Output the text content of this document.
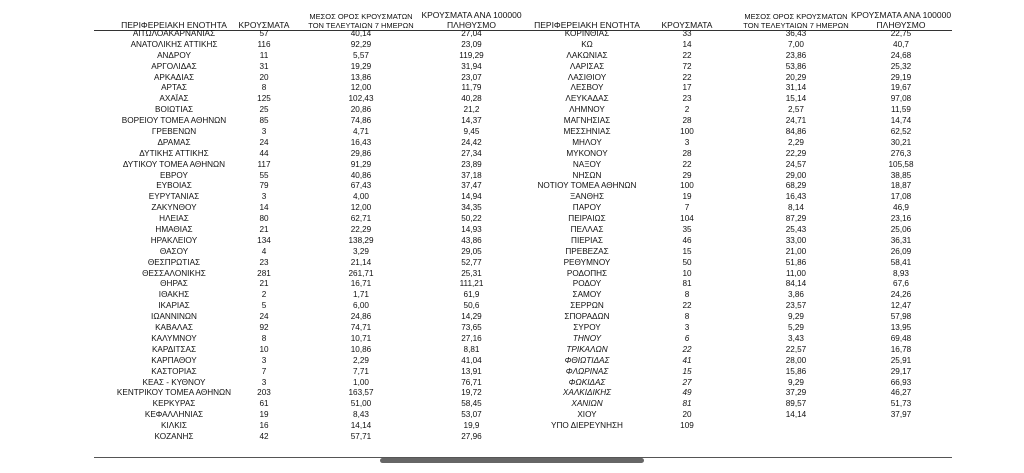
ΠΕΡΙΦΕΡΕΙΑΚΗ ΕΝΟΤΗΤΑ	ΚΡΟΥΣΜΑΤΑ
ΜΕΣΟΣ ΟΡΟΣ ΚΡΟΥΣΜΑΤΩΝ ΤΟΝ ΤΕΛΕΥΤΑΙΩΝ 7 ΗΜΕΡΩΝ
ΚΡΟΥΣΜΑΤΑ ΑΝΑ 100000 ΠΛΗΘΥΣΜΟ
ΑΙΤΩΛΟΑΚΑΡΝΑΝΙΑΣ	57	40,14	27,04
ΑΝΑΤΟΛΙΚΗΣ ΑΤΤΙΚΗΣ	116	92,29	23,09
ΑΝΔΡΟΥ	11	5,57	119,29
ΑΡΓΟΛΙΔΑΣ	31	19,29	31,94
ΑΡΚΑΔΙΑΣ	20	13,86	23,07
ΑΡΤΑΣ	8	12,00	11,79
ΑΧΑΪΑΣ	125	102,43	40,28
ΒΟΙΩΤΙΑΣ	25	20,86	21,2
ΒΟΡΕΙΟΥ ΤΟΜΕΑ ΑΘΗΝΩΝ	85	74,86	14,37
ΓΡΕΒΕΝΩΝ	3	4,71	9,45
ΔΡΑΜΑΣ	24	16,43	24,42
ΔΥΤΙΚΗΣ ΑΤΤΙΚΗΣ	44	29,86	27,34
ΔΥΤΙΚΟΥ ΤΟΜΕΑ ΑΘΗΝΩΝ	117	91,29	23,89
ΕΒΡΟΥ	55	40,86	37,18
ΕΥΒΟΙΑΣ	79	67,43	37,47
ΕΥΡΥΤΑΝΙΑΣ	3	4,00	14,94
ΖΑΚΥΝΘΟΥ	14	12,00	34,35
ΗΛΕΙΑΣ	80	62,71	50,22
ΗΜΑΘΙΑΣ	21	22,29	14,93
ΗΡΑΚΛΕΙΟΥ	134	138,29	43,86
ΘΑΣΟΥ	4	3,29	29,05
ΘΕΣΠΡΩΤΙΑΣ	23	21,14	52,77
ΘΕΣΣΑΛΟΝΙΚΗΣ	281	261,71	25,31
ΘΗΡΑΣ	21	16,71	111,21
ΙΘΑΚΗΣ	2	1,71	61,9
ΙΚΑΡΙΑΣ	5	6,00	50,6
ΙΩΑΝΝΙΝΩΝ	24	24,86	14,29
ΚΑΒΑΛΑΣ	92	74,71	73,65
ΚΑΛΥΜΝΟΥ	8	10,71	27,16
ΚΑΡΔΙΤΣΑΣ	10	10,86	8,81
ΚΑΡΠΑΘΟΥ	3	2,29	41,04
ΚΑΣΤΟΡΙΑΣ	7	7,71	13,91
ΚΕΑΣ - ΚΥΘΝΟΥ	3	1,00	76,71
ΚΕΝΤΡΙΚΟΥ ΤΟΜΕΑ ΑΘΗΝΩΝ	203	163,57	19,72
ΚΕΡΚΥΡΑΣ	61	51,00	58,45
ΚΕΦΑΛΛΗΝΙΑΣ	19	8,43	53,07
ΚΙΛΚΙΣ	16	14,14	19,9
ΚΟΖΑΝΗΣ	42	57,71	27,96
ΠΕΡΙΦΕΡΕΙΑΚΗ ΕΝΟΤΗΤΑ	ΚΡΟΥΣΜΑΤΑ
ΜΕΣΟΣ ΟΡΟΣ ΚΡΟΥΣΜΑΤΩΝ ΤΟΝ ΤΕΛΕΥΤΑΙΩΝ 7 ΗΜΕΡΩΝ
ΚΡΟΥΣΜΑΤΑ ΑΝΑ 100000 ΠΛΗΘΥΣΜΟ
ΚΟΡΙΝΘΙΑΣ	33	36,43	22,75
ΚΩ	14	7,00	40,7
ΛΑΚΩΝΙΑΣ	22	23,86	24,68
ΛΑΡΙΣΑΣ	72	53,86	25,32
ΛΑΣΙΘΙΟΥ	22	20,29	29,19
ΛΕΣΒΟΥ	17	31,14	19,67
ΛΕΥΚΑΔΑΣ	23	15,14	97,08
ΛΗΜΝΟΥ	2	2,57	11,59
ΜΑΓΝΗΣΙΑΣ	28	24,71	14,74
ΜΕΣΣΗΝΙΑΣ	100	84,86	62,52
ΜΗΛΟΥ	3	2,29	30,21
ΜΥΚΟΝΟΥ	28	22,29	276,3
ΝΑΞΟΥ	22	24,57	105,58
ΝΗΣΩΝ	29	29,00	38,85
ΝΟΤΙΟΥ ΤΟΜΕΑ ΑΘΗΝΩΝ	100	68,29	18,87
ΞΑΝΘΗΣ	19	16,43	17,08
ΠΑΡΟΥ	7	8,14	46,9
ΠΕΙΡΑΙΩΣ	104	87,29	23,16
ΠΕΛΛΑΣ	35	25,43	25,06
ΠΙΕΡΙΑΣ	46	33,00	36,31
ΠΡΕΒΕΖΑΣ	15	21,00	26,09
ΡΕΘΥΜΝΟΥ	50	51,86	58,41
ΡΟΔΟΠΗΣ	10	11,00	8,93
ΡΟΔΟΥ	81	84,14	67,6
ΣΑΜΟΥ	8	3,86	24,26
ΣΕΡΡΩΝ	22	23,57	12,47
ΣΠΟΡΑΔΩΝ	8	9,29	57,98
ΣΥΡΟΥ	3	5,29	13,95
ΤΗΝΟΥ	6	3,43	69,48
ΤΡΙΚΑΛΩΝ	22	22,57	16,78
ΦΘΙΩΤΙΔΑΣ	41	28,00	25,91
ΦΛΩΡΙΝΑΣ	15	15,86	29,17
ΦΩΚΙΔΑΣ	27	9,29	66,93
ΧΑΛΚΙΔΙΚΗΣ	49	37,29	46,27
ΧΑΝΙΩΝ	81	89,57	51,73
ΧΙΟΥ	20	14,14	37,97
ΥΠΟ ΔΙΕΡΕΥΝΗΣΗ	109
